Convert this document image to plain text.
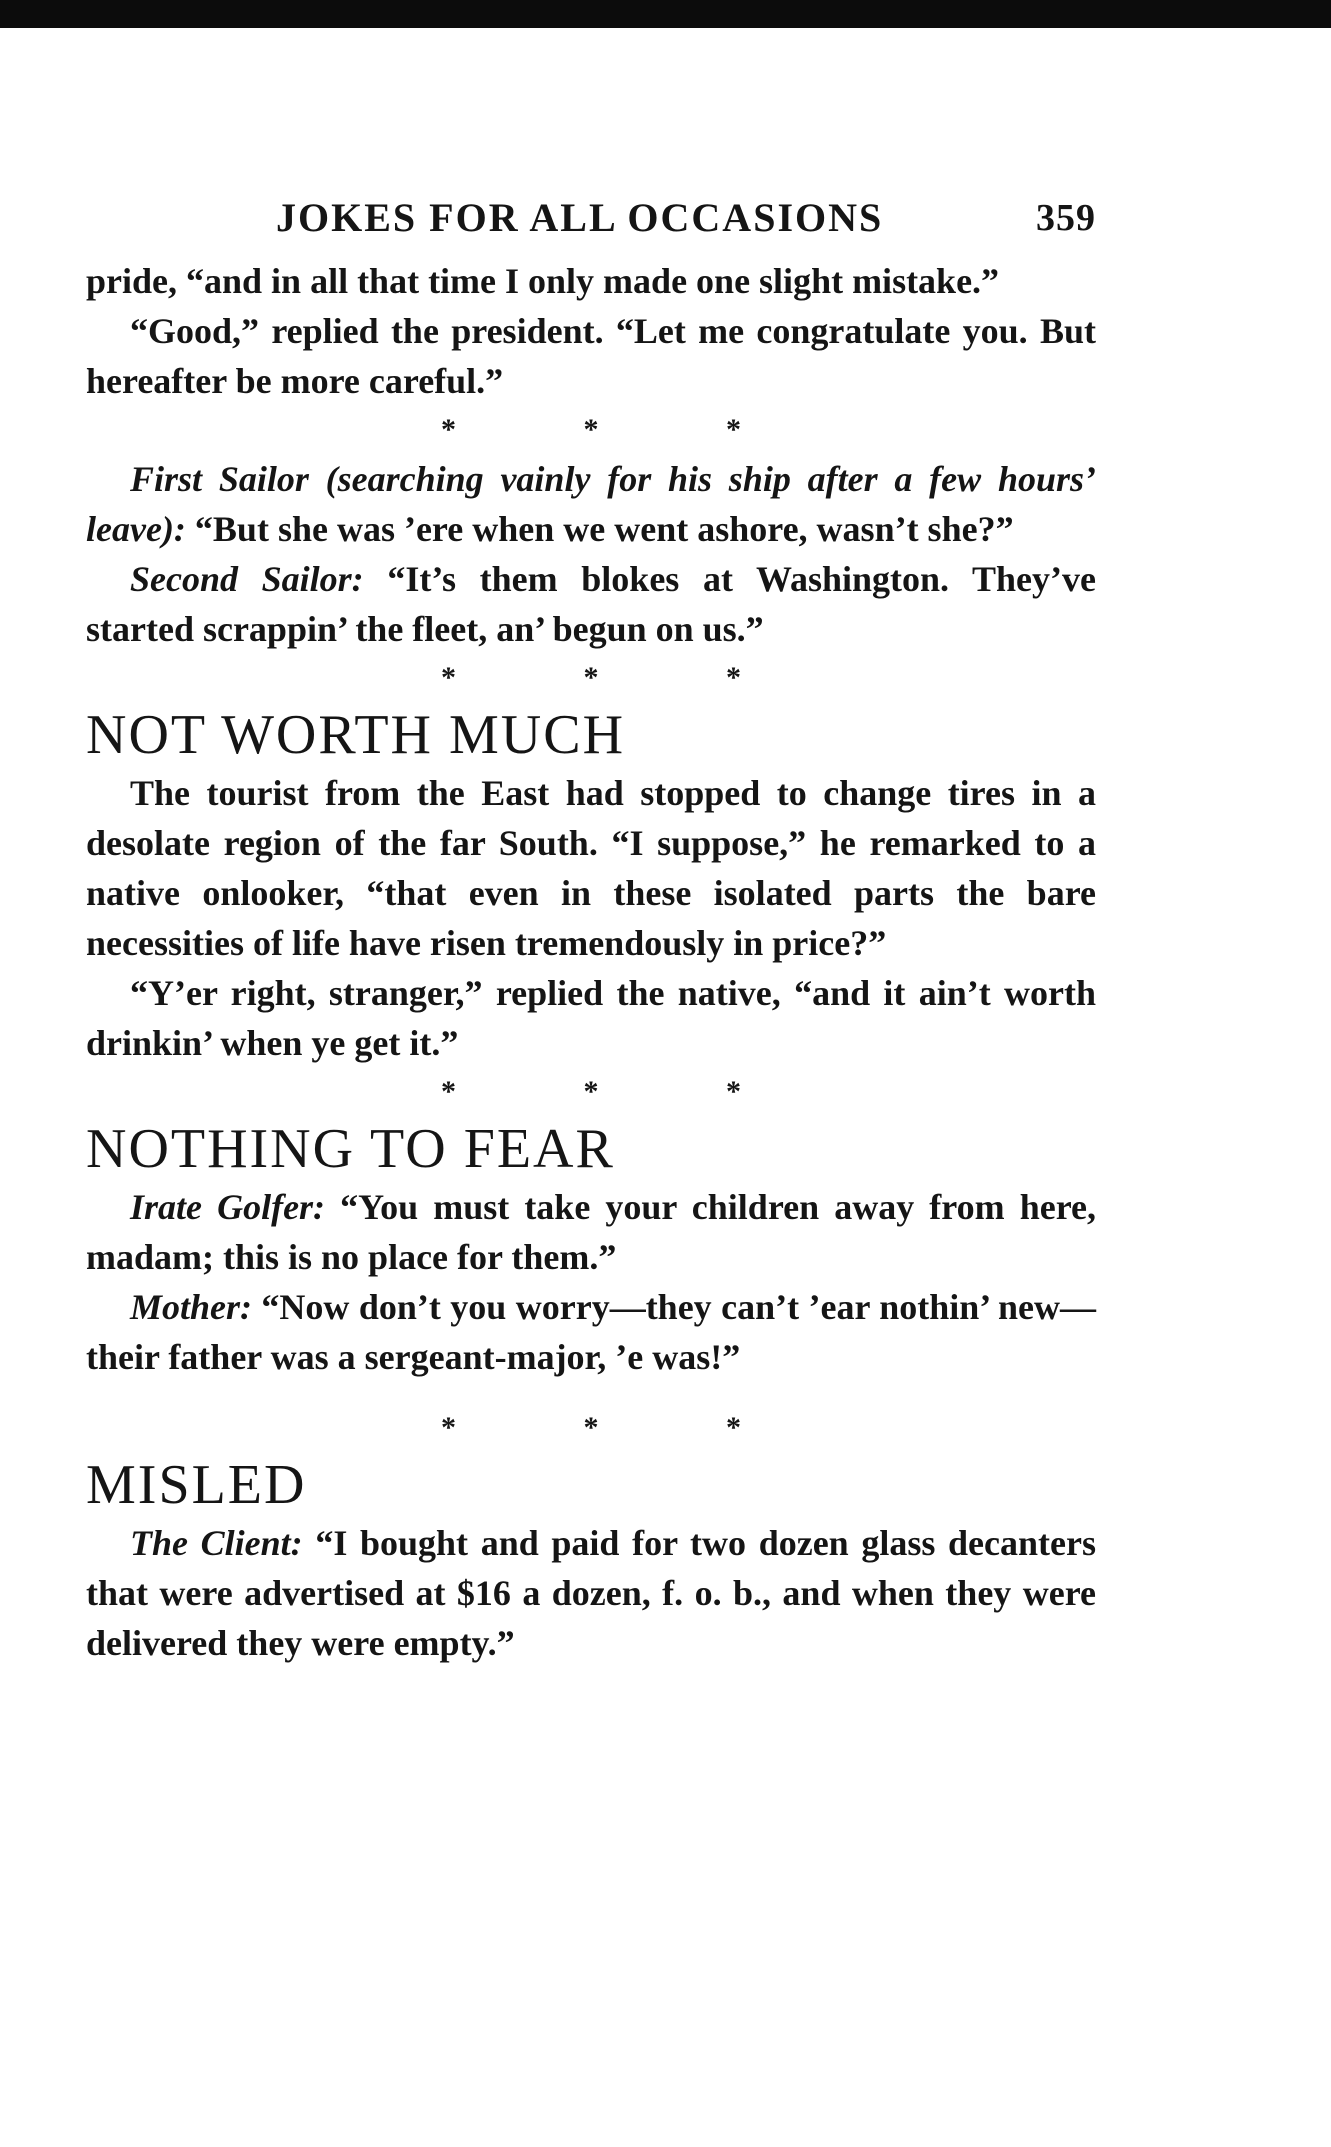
JOKES FOR ALL OCCASIONS	359

pride, “and in all that time I only made one slight mistake.”

“Good,” replied the president. “Let me congratulate you. But hereafter be more careful.”

* * *

First Sailor (searching vainly for his ship after a few hours’ leave): “But she was ’ere when we went ashore, wasn’t she?”

Second Sailor: “It’s them blokes at Washington. They’ve started scrappin’ the fleet, an’ begun on us.”

* * *
NOT WORTH MUCH

The tourist from the East had stopped to change tires in a desolate region of the far South. “I suppose,” he remarked to a native onlooker, “that even in these isolated parts the bare necessities of life have risen tremendously in price?”

“Y’er right, stranger,” replied the native, “and it ain’t worth drinkin’ when ye get it.”

* * *
NOTHING TO FEAR

Irate Golfer: “You must take your children away from here, madam; this is no place for them.”

Mother: “Now don’t you worry—they can’t ’ear nothin’ new—their father was a sergeant-major, ’e was!”

* * *
MISLED

The Client: “I bought and paid for two dozen glass decanters that were advertised at $16 a dozen, f. o. b., and when they were delivered they were empty.”
